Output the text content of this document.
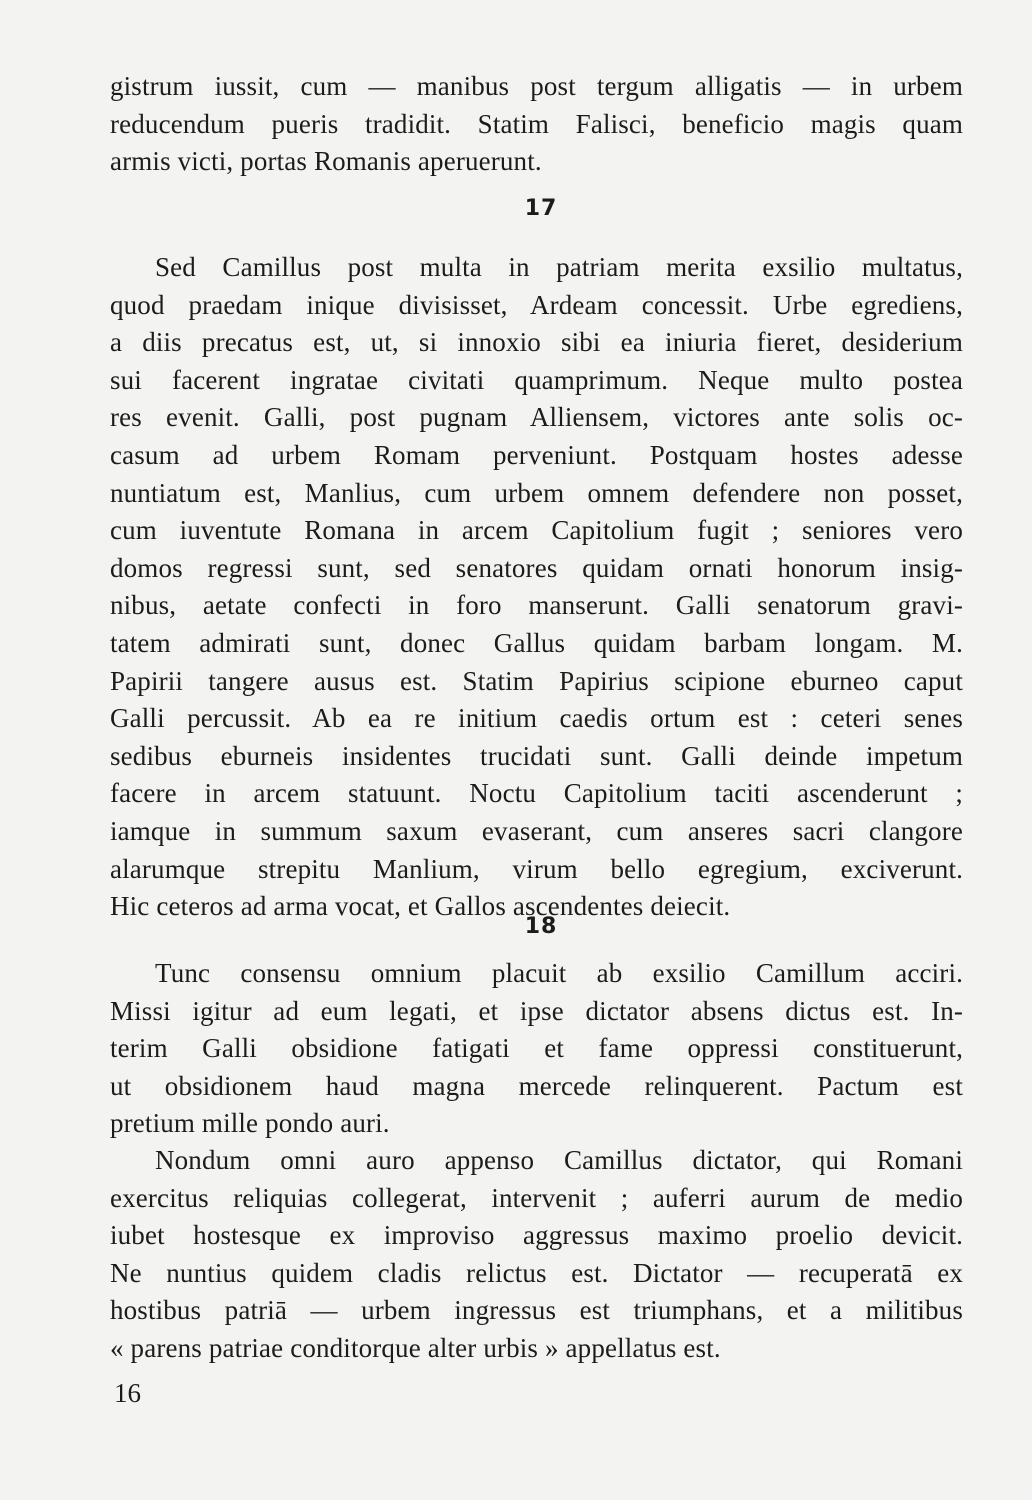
gistrum iussit, cum — manibus post tergum alligatis — in urbem
reducendum pueris tradidit. Statim Falisci, beneficio magis quam
armis victi, portas Romanis aperuerunt.
17
Sed Camillus post multa in patriam merita exsilio multatus,
quod praedam inique divisisset, Ardeam concessit. Urbe egrediens,
a diis precatus est, ut, si innoxio sibi ea iniuria fieret, desiderium
sui facerent ingratae civitati quamprimum. Neque multo postea
res evenit. Galli, post pugnam Alliensem, victores ante solis oc-
casum ad urbem Romam perveniunt. Postquam hostes adesse
nuntiatum est, Manlius, cum urbem omnem defendere non posset,
cum iuventute Romana in arcem Capitolium fugit ; seniores vero
domos regressi sunt, sed senatores quidam ornati honorum insig-
nibus, aetate confecti in foro manserunt. Galli senatorum gravi-
tatem admirati sunt, donec Gallus quidam barbam longam. M.
Papirii tangere ausus est. Statim Papirius scipione eburneo caput
Galli percussit. Ab ea re initium caedis ortum est : ceteri senes
sedibus eburneis insidentes trucidati sunt. Galli deinde impetum
facere in arcem statuunt. Noctu Capitolium taciti ascenderunt ;
iamque in summum saxum evaserant, cum anseres sacri clangore
alarumque strepitu Manlium, virum bello egregium, exciverunt.
Hic ceteros ad arma vocat, et Gallos ascendentes deiecit.
18
Tunc consensu omnium placuit ab exsilio Camillum acciri.
Missi igitur ad eum legati, et ipse dictator absens dictus est. In-
terim Galli obsidione fatigati et fame oppressi constituerunt,
ut obsidionem haud magna mercede relinquerent. Pactum est
pretium mille pondo auri.
Nondum omni auro appenso Camillus dictator, qui Romani
exercitus reliquias collegerat, intervenit ; auferri aurum de medio
iubet hostesque ex improviso aggressus maximo proelio devicit.
Ne nuntius quidem cladis relictus est. Dictator — recuperatā ex
hostibus patriā — urbem ingressus est triumphans, et a militibus
« parens patriae conditorque alter urbis » appellatus est.
16
